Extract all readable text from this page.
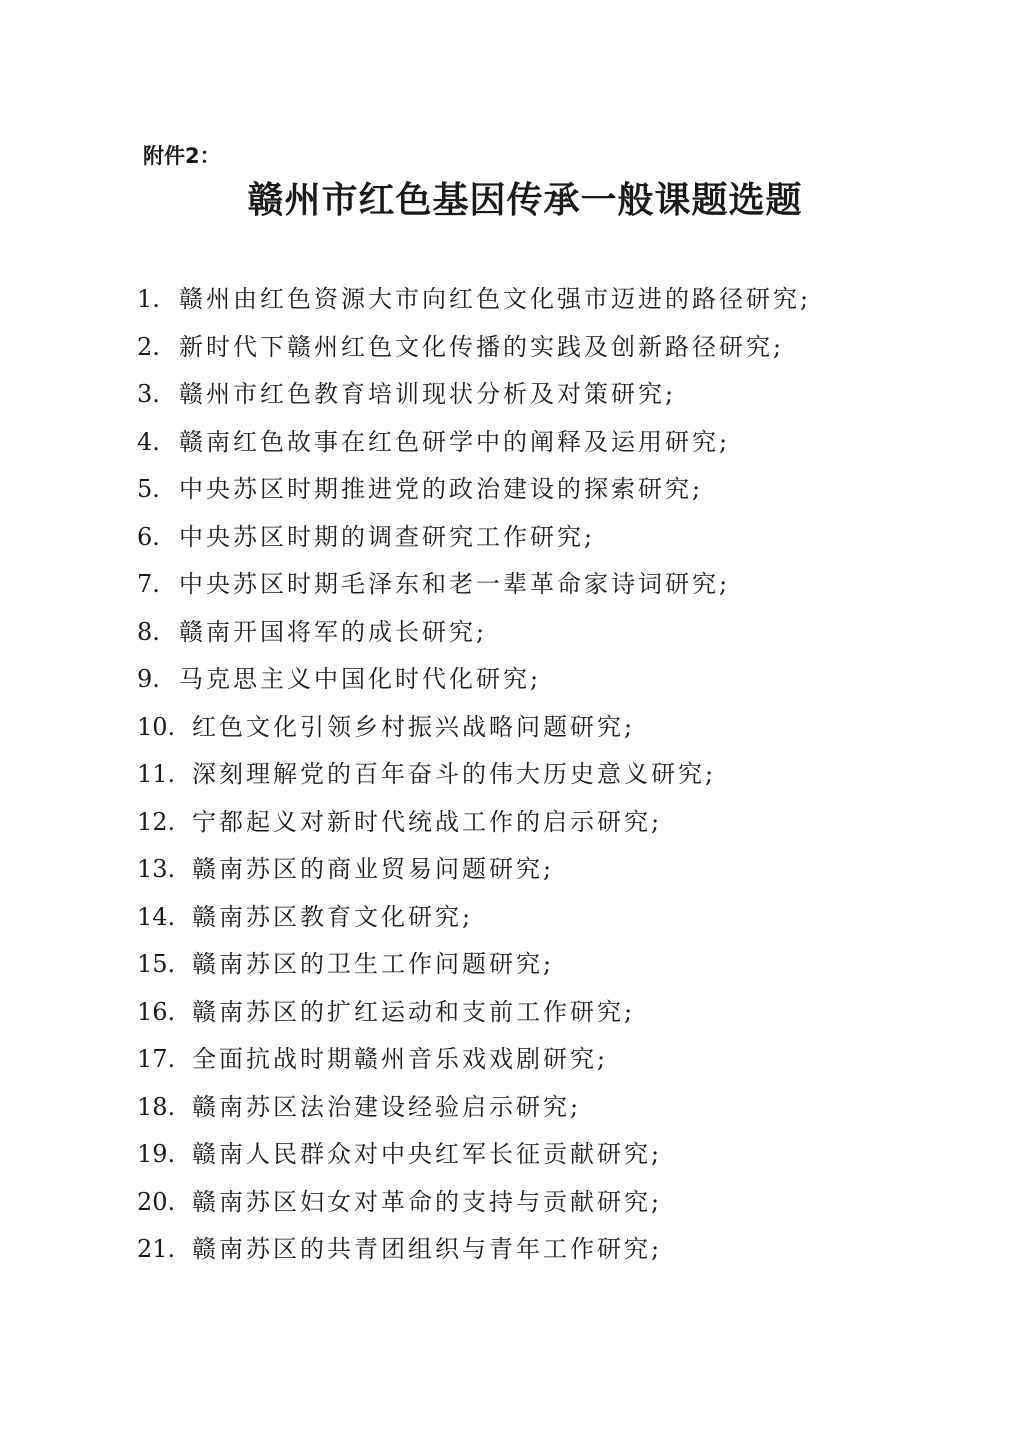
附件2：
赣州市红色基因传承一般课题选题
1. 赣州由红色资源大市向红色文化强市迈进的路径研究;
2. 新时代下赣州红色文化传播的实践及创新路径研究;
3. 赣州市红色教育培训现状分析及对策研究;
4. 赣南红色故事在红色研学中的阐释及运用研究;
5. 中央苏区时期推进党的政治建设的探索研究;
6. 中央苏区时期的调查研究工作研究;
7. 中央苏区时期毛泽东和老一辈革命家诗词研究;
8. 赣南开国将军的成长研究;
9. 马克思主义中国化时代化研究;
10. 红色文化引领乡村振兴战略问题研究;
11. 深刻理解党的百年奋斗的伟大历史意义研究;
12. 宁都起义对新时代统战工作的启示研究;
13. 赣南苏区的商业贸易问题研究;
14. 赣南苏区教育文化研究;
15. 赣南苏区的卫生工作问题研究;
16. 赣南苏区的扩红运动和支前工作研究;
17. 全面抗战时期赣州音乐戏戏剧研究;
18. 赣南苏区法治建设经验启示研究;
19. 赣南人民群众对中央红军长征贡献研究;
20. 赣南苏区妇女对革命的支持与贡献研究;
21. 赣南苏区的共青团组织与青年工作研究;
